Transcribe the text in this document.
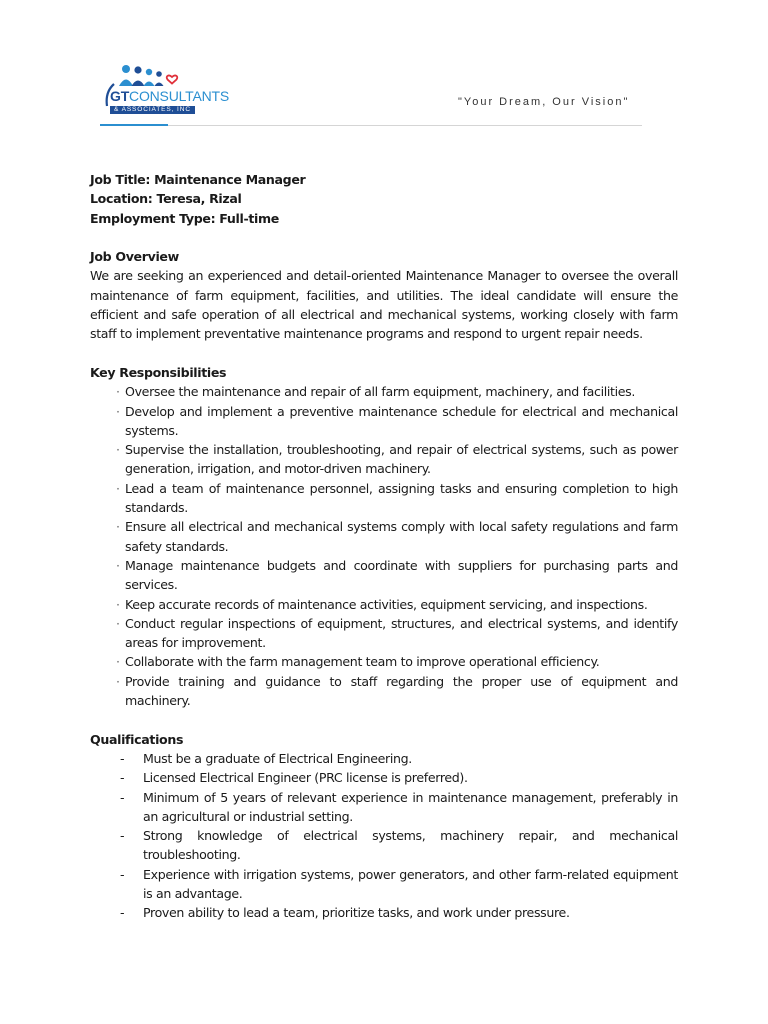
GTCONSULTANTS
& ASSOCIATES, INC
"Your Dream, Our Vision"

Job Title: Maintenance Manager

Location: Teresa, Rizal

Employment Type: Full-time

Job Overview

We are seeking an experienced and detail-oriented Maintenance Manager to oversee the overall maintenance of farm equipment, facilities, and utilities. The ideal candidate will ensure the efficient and safe operation of all electrical and mechanical systems, working closely with farm staff to implement preventative maintenance programs and respond to urgent repair needs.

Key Responsibilities

· Oversee the maintenance and repair of all farm equipment, machinery, and facilities.
· Develop and implement a preventive maintenance schedule for electrical and mechanical systems.
· Supervise the installation, troubleshooting, and repair of electrical systems, such as power generation, irrigation, and motor-driven machinery.
· Lead a team of maintenance personnel, assigning tasks and ensuring completion to high standards.
· Ensure all electrical and mechanical systems comply with local safety regulations and farm safety standards.
· Manage maintenance budgets and coordinate with suppliers for purchasing parts and services.
· Keep accurate records of maintenance activities, equipment servicing, and inspections.
· Conduct regular inspections of equipment, structures, and electrical systems, and identify areas for improvement.
· Collaborate with the farm management team to improve operational efficiency.
· Provide training and guidance to staff regarding the proper use of equipment and machinery.

Qualifications

- Must be a graduate of Electrical Engineering.
- Licensed Electrical Engineer (PRC license is preferred).
- Minimum of 5 years of relevant experience in maintenance management, preferably in an agricultural or industrial setting.
- Strong knowledge of electrical systems, machinery repair, and mechanical troubleshooting.
- Experience with irrigation systems, power generators, and other farm-related equipment is an advantage.
- Proven ability to lead a team, prioritize tasks, and work under pressure.
